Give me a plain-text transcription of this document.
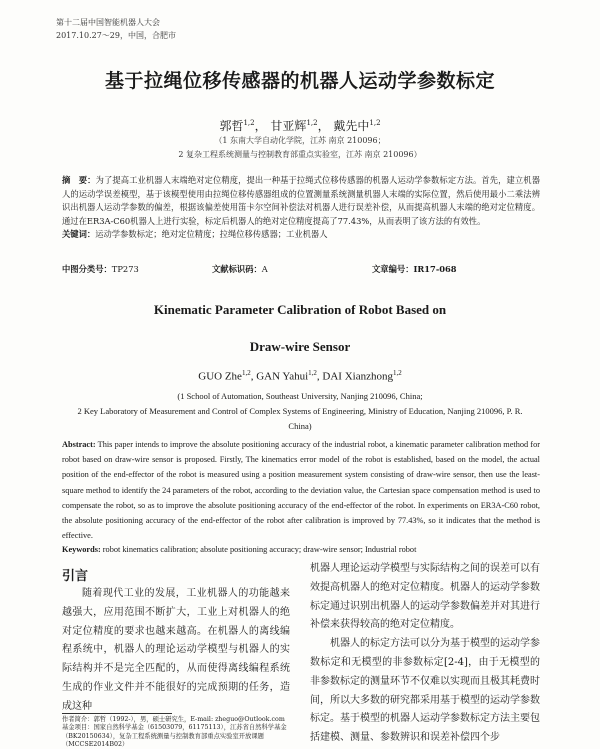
第十二届中国智能机器人大会

2017.10.27～29，中国，合肥市

基于拉绳位移传感器的机器人运动学参数标定
郭哲$^{1,2}$， 甘亚辉$^{1,2}$， 戴先中$^{1,2}$

（1 东南大学自动化学院，江苏 南京 210096；

2 复杂工程系统测量与控制教育部重点实验室，江苏 南京 210096）

摘　要：为了提高工业机器人末端绝对定位精度，提出一种基于拉绳式位移传感器的机器人运动学参数标定方法。首先，建立机器人的运动学误差模型，基于该模型使用由拉绳位移传感器组成的位置测量系统测量机器人末端的实际位置，然后使用最小二乘法辨识出机器人运动学参数的偏差，根据该偏差使用笛卡尔空间补偿法对机器人进行误差补偿，从而提高机器人末端的绝对定位精度。通过在ER3A-C60机器人上进行实验，标定后机器人的绝对定位精度提高了77.43%，从而表明了该方法的有效性。
关键词：运动学参数标定；绝对定位精度；拉绳位移传感器；工业机器人
中图分类号：TP273	文献标识码：A	文章编号：IR17-068
Kinematic Parameter Calibration of Robot Based on
Draw-wire Sensor
GUO Zhe$^{1,2}$, GAN Yahui$^{1,2}$, DAI Xianzhong$^{1,2}$
(1 School of Automation, Southeast University, Nanjing 210096, China;
2 Key Laboratory of Measurement and Control of Complex Systems of Engineering, Ministry of Education, Nanjing 210096, P. R. China)
Abstract: This paper intends to improve the absolute positioning accuracy of the industrial robot, a kinematic parameter calibration method for robot based on draw-wire sensor is proposed. Firstly, The kinematics error model of the robot is established, based on the model, the actual position of the end-effector of the robot is measured using a position measurement system consisting of draw-wire sensor, then use the least-square method to identify the 24 parameters of the robot, according to the deviation value, the Cartesian space compensation method is used to compensate the robot, so as to improve the absolute positioning accuracy of the end-effector of the robot. In experiments on ER3A-C60 robot, the absolute positioning accuracy of the end-effector of the robot after calibration is improved by 77.43%, so it indicates that the method is effective.
Keywords: robot kinematics calibration; absolute positioning accuracy; draw-wire sensor; Industrial robot
引言

随着现代工业的发展，工业机器人的功能越来越强大，应用范围不断扩大，工业上对机器人的绝对定位精度的要求也越来越高。在机器人的离线编程系统中，机器人的理论运动学模型与机器人的实际结构并不是完全匹配的，从而使得离线编程系统生成的作业文件并不能很好的完成预期的任务，造成这种

机器人理论运动学模型与实际结构之间的误差可以有效提高机器人的绝对定位精度。机器人的运动学参数标定通过识别出机器人的运动学参数偏差并对其进行补偿来获得较高的绝对定位精度。

机器人的标定方法可以分为基于模型的运动学参数标定和无模型的非参数标定[2-4]，由于无模型的非参数标定的测量环节不仅难以实现而且极其耗费时间，所以大多数的研究都采用基于模型的运动学参数标定。基于模型的机器人运动学参数标定方法主要包括建模、测量、参数辨识和误差补偿四个步

作者简介：郭哲（1992-），男，硕士研究生，E-mail: zheguo@Outlook.com
基金项目：国家自然科学基金（61503079，61175113），江苏省自然科学基金（BK20150634），复杂工程系统测量与控制教育部重点实验室开放课题（MCCSE2014B02）
